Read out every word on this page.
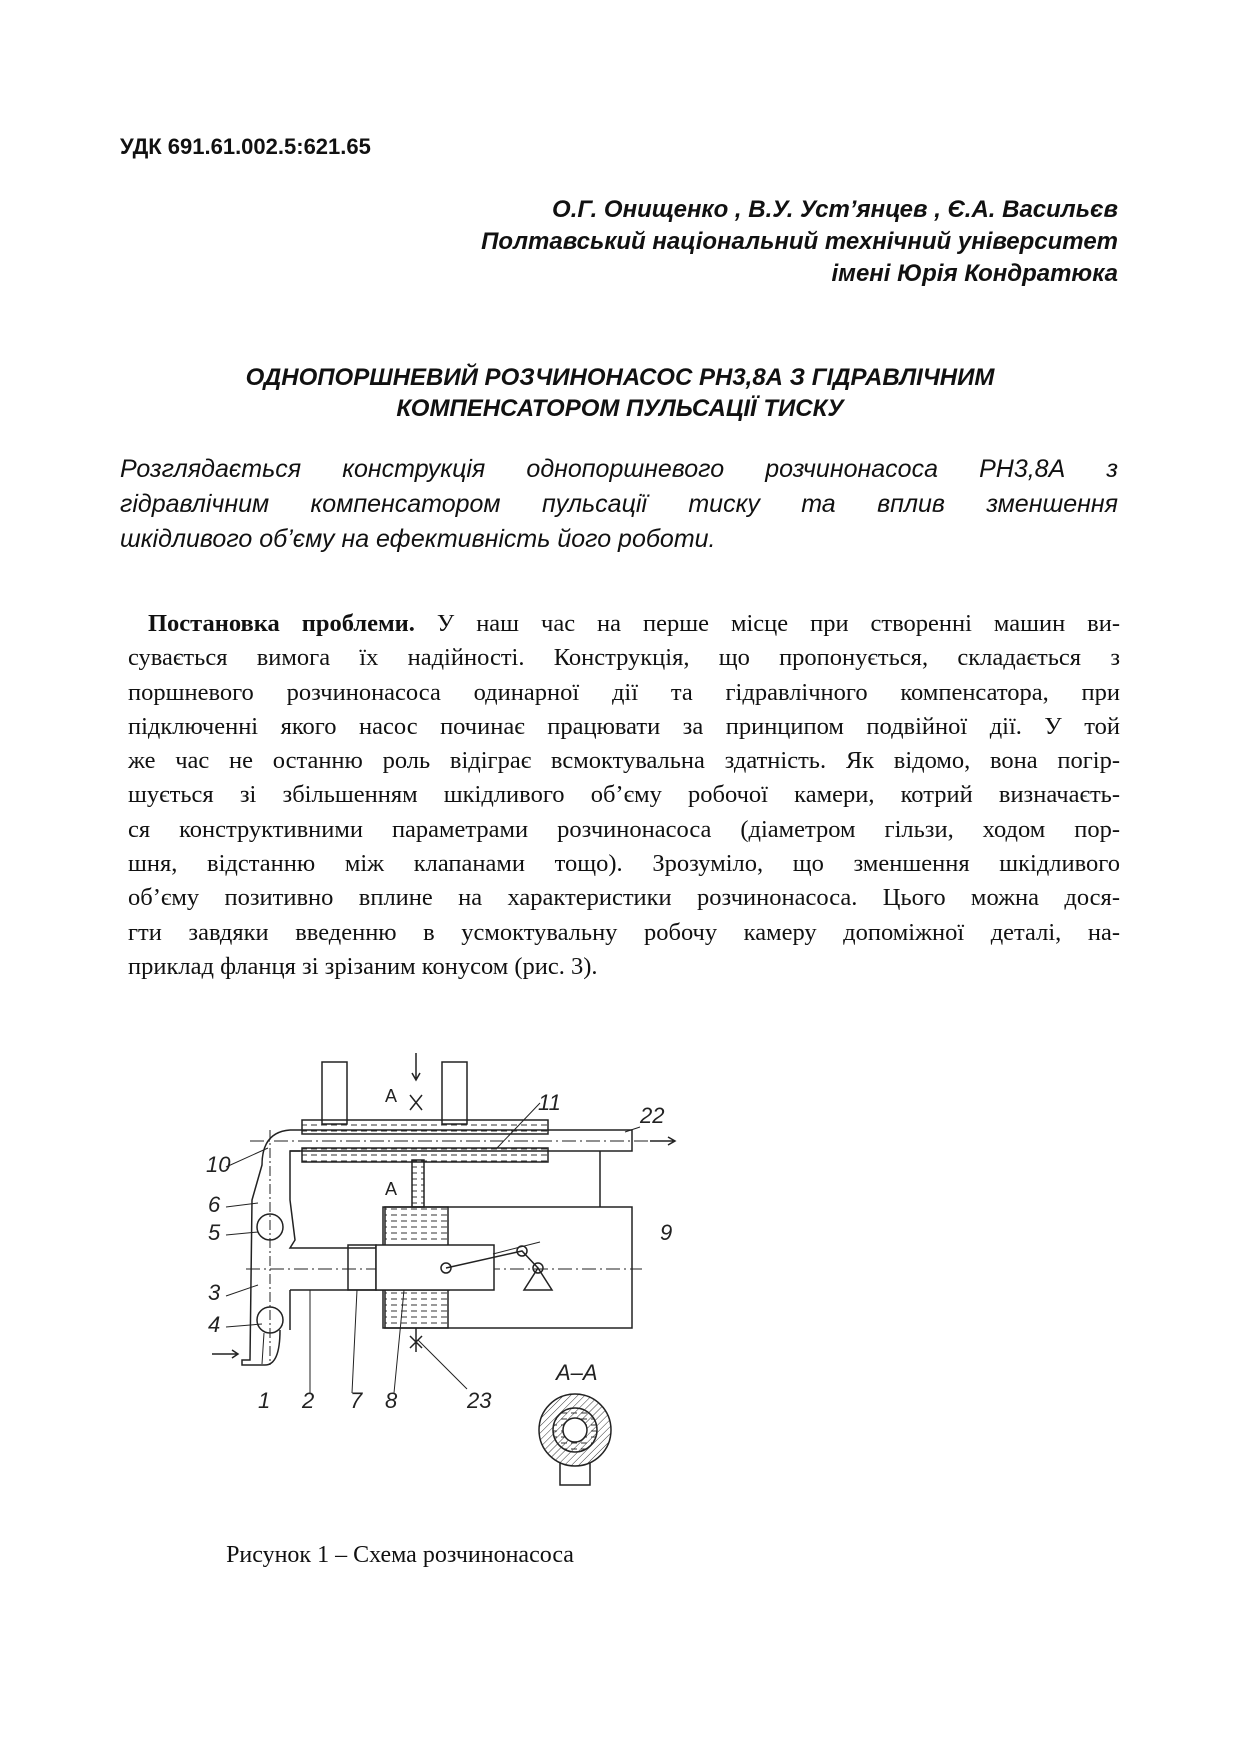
УДК 691.61.002.5:621.65
О.Г. Онищенко , В.У. Уст’янцев , Є.А. Васильєв
Полтавський національний технічний університет
імені Юрія Кондратюка
ОДНОПОРШНЕВИЙ РОЗЧИНОНАСОС РН3,8А З ГІДРАВЛІЧНИМ
КОМПЕНСАТОРОМ ПУЛЬСАЦІЇ ТИСКУ
Розглядається конструкція однопоршневого розчинонасоса РН3,8А з
гідравлічним компенсатором пульсації тиску та вплив зменшення
шкідливого об’єму на ефективність його роботи.
Постановка проблеми. У наш час на перше місце при створенні машин ви-
сувається вимога їх надійності. Конструкція, що пропонується, складається з
поршневого розчинонасоса одинарної дії та гідравлічного компенсатора, при
підключенні якого насос починає працювати за принципом подвійної дії. У той
же час не останню роль відіграє всмоктувальна здатність. Як відомо, вона погір-
шується зі збільшенням шкідливого об’єму робочої камери, котрий визначаєть-
ся конструктивними параметрами розчинонасоса (діаметром гільзи, ходом пор-
шня, відстанню між клапанами тощо). Зрозуміло, що зменшення шкідливого
об’єму позитивно вплине на характеристики розчинонасоса. Цього можна дося-
гти завдяки введенню в усмоктувальну робочу камеру допоміжної деталі, на-
приклад фланця зі зрізаним конусом (рис. 3).
10
6
5
3
4
1 2 7 8	23
9
11
22
А
А
А–А
Рисунок 1 – Схема розчинонасоса
